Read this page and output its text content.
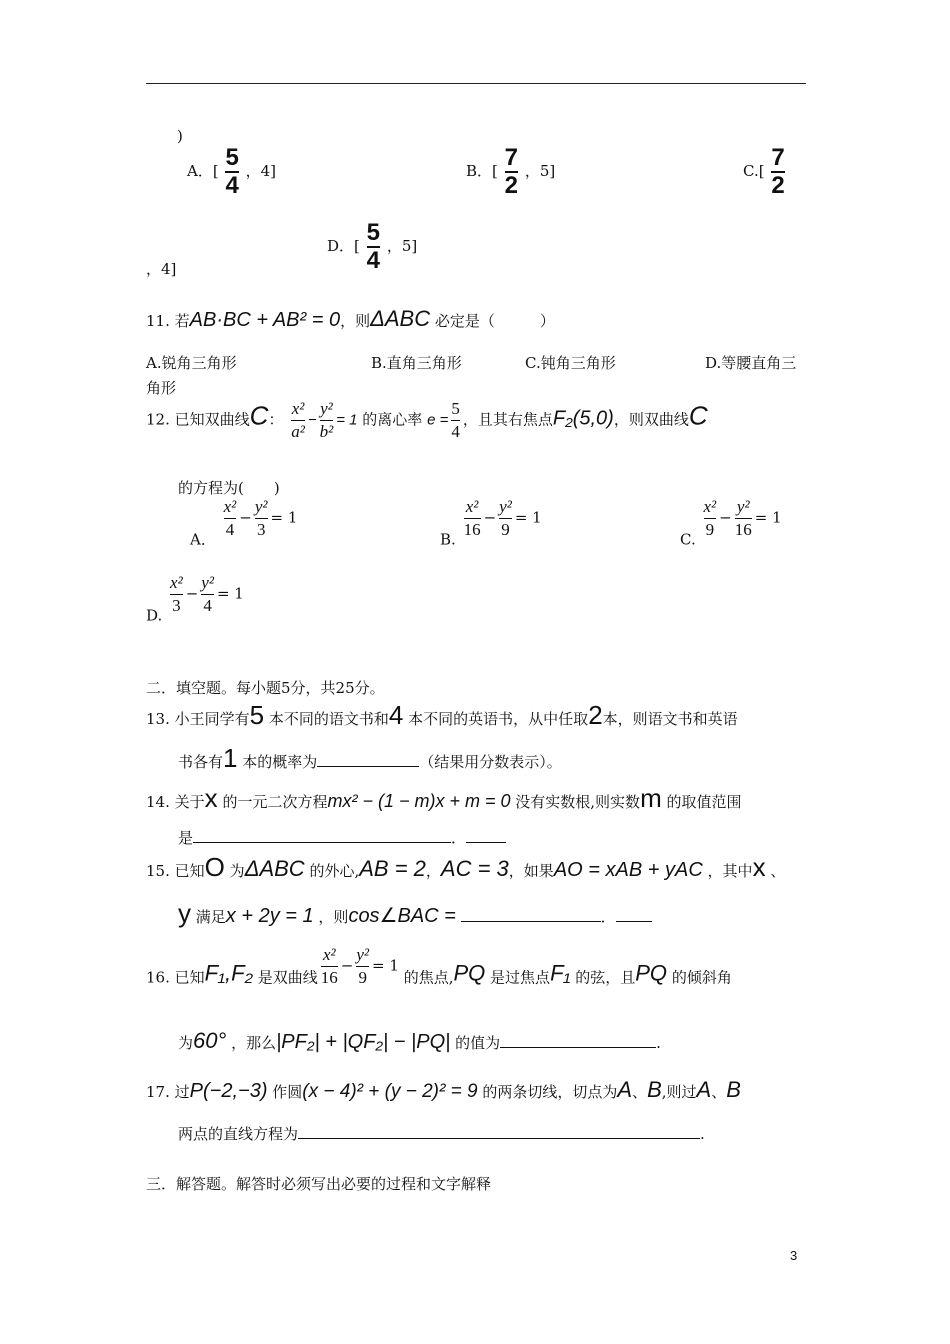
)
A．[ $\frac{5}{4}$ ，4]	B．[ $\frac{7}{2}$ ，5]	$C.[ \frac{7}{2}$
，4]
D．[ $\frac{5}{4}$ ，5]
11. 若AB·BC + AB² = 0，则ΔABC 必定是（　　　）
A.锐角三角形	B.直角三角形	C.钝角三角形	D.等腰直角三
角形
12. 已知双曲线C： $\frac{\text{x²}}{\text{a²}} - \frac{\text{y²}}{\text{b²}} = 1$ 的离心率 $e = \frac{5}{4}$ ，且其右焦点F₂(5,0)，则双曲线C
的方程为(　　)
A． $\frac{\text{x²}}{4} - \frac{\text{y²}}{3} = 1$
B. $\frac{\text{x²}}{16} - \frac{\text{y²}}{9} = 1$
C. $\frac{\text{x²}}{9} - \frac{\text{y²}}{16} = 1$
D. $\frac{\text{x²}}{3} - \frac{\text{y²}}{4} = 1$
二．填空题。每小题5分，共25分。
13. 小王同学有5 本不同的语文书和4 本不同的英语书，从中任取2本，则语文书和英语
书各有1 本的概率为	（结果用分数表示）。
14. 关于x 的一元二次方程mx² − (1 − m)x + m = 0 没有实数根,则实数m 的取值范围
是	．
15. 已知O 为ΔABC 的外心,AB = 2，AC = 3，如果AO = xAB + yAC ，其中x 、
y 满足x + 2y = 1 ，则cos∠BAC =	．
16. 已知F₁,F₂ 是双曲线 $\frac{\text{x²}}{16} - \frac{\text{y²}}{9} = 1$ 的焦点,PQ 是过焦点F₁ 的弦，且PQ 的倾斜角
为60° ，那么|PF₂| + |QF₂| − |PQ| 的值为	.
17. 过P(−2,−3) 作圆(x − 4)² + (y − 2)² = 9 的两条切线，切点为A、B,则过A、B
两点的直线方程为	.
三．解答题。解答时必须写出必要的过程和文字解释
3
